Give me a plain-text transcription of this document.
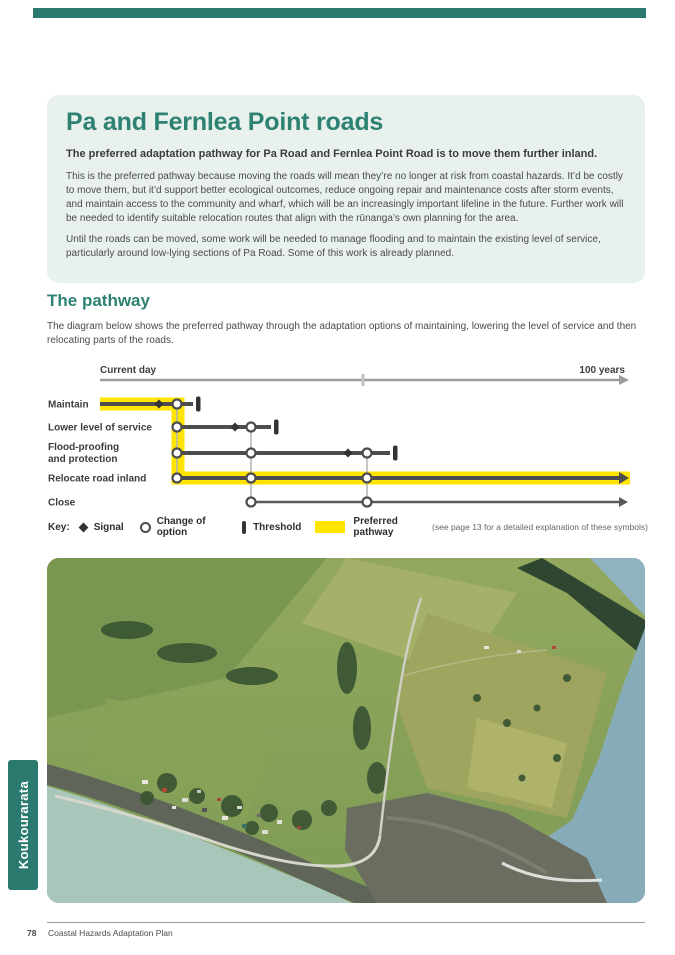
Pa and Fernlea Point roads

The preferred adaptation pathway for Pa Road and Fernlea Point Road is to move them further inland.

This is the preferred pathway because moving the roads will mean they’re no longer at risk from coastal hazards. It’d be costly to move them, but it’d support better ecological outcomes, reduce ongoing repair and maintenance costs after storm events, and maintain access to the community and wharf, which will be an increasingly important lifeline in the future. Further work will be needed to identify suitable relocation routes that align with the rūnanga’s own planning for the area.

Until the roads can be moved, some work will be needed to manage flooding and to maintain the existing level of service, particularly around low-lying sections of Pa Road. Some of this work is already planned.

The pathway

The diagram below shows the preferred pathway through the adaptation options of maintaining, lowering the level of service and then relocating parts of the roads.

Current day	100 years
Maintain
Lower level of service
Flood-proofing
and protection
Relocate road inland
Close
Key: Signal	Change of option	Threshold	Preferred pathway	(see page 13 for a detailed explanation of these symbols)
Koukourarata
78 Coastal Hazards Adaptation Plan
